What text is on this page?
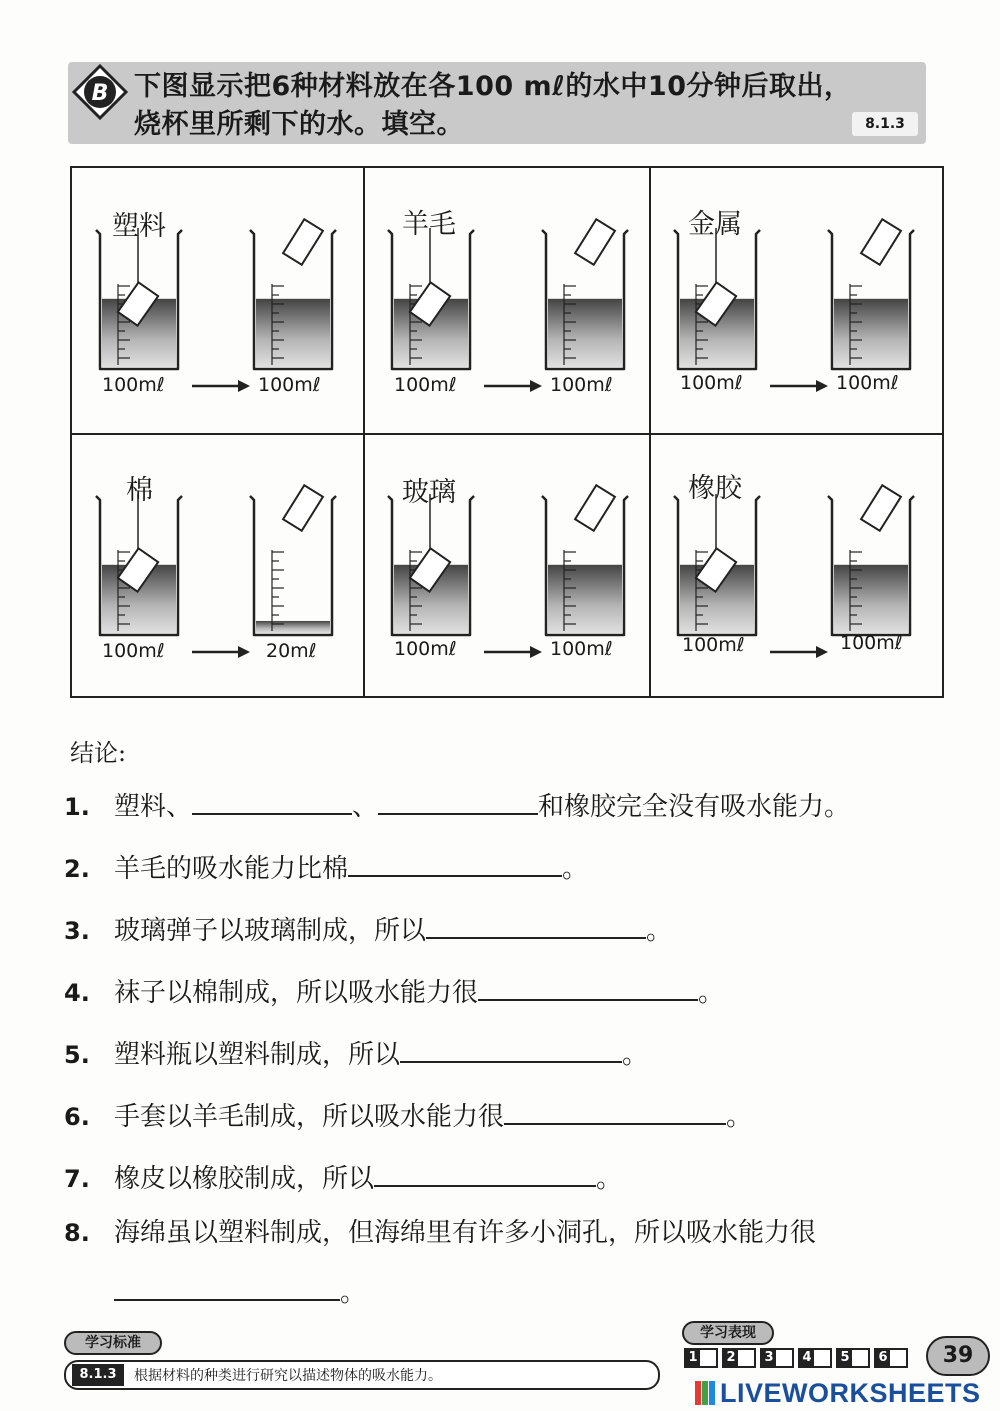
B 下图显示把6种材料放在各100 mℓ的水中10分钟后取出，
烧杯里所剩下的水。填空。	8.1.3
塑料	羊毛	金属
棉	玻璃	橡胶
100mℓ	100mℓ	100mℓ	100mℓ	100mℓ	100mℓ
100mℓ	20mℓ	100mℓ	100mℓ	100mℓ	100mℓ
结论:
1. 塑料、	、	和橡胶完全没有吸水能力。
2. 羊毛的吸水能力比棉	。
3. 玻璃弹子以玻璃制成，所以	。
4. 袜子以棉制成，所以吸水能力很	。
5. 塑料瓶以塑料制成，所以	。
6. 手套以羊毛制成，所以吸水能力很	。
7. 橡皮以橡胶制成，所以	。
8. 海绵虽以塑料制成，但海绵里有许多小洞孔，所以吸水能力很
。
学习标准
8.1.3	根据材料的种类进行研究以描述物体的吸水能力。
学习表现
1 2 3 4 5 6	39
LIVEWORKSHEETS
